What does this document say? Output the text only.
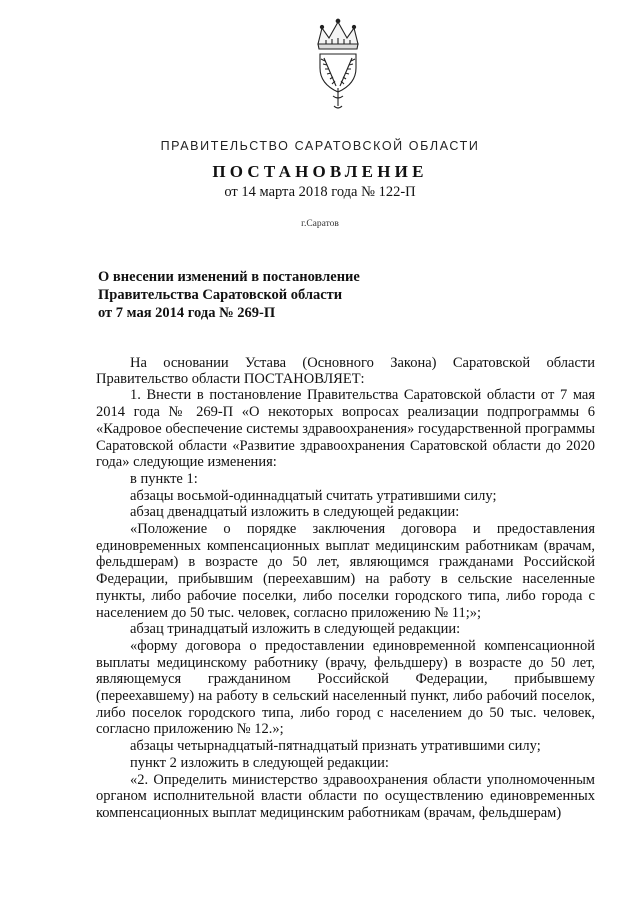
ПРАВИТЕЛЬСТВО САРАТОВСКОЙ ОБЛАСТИ
ПОСТАНОВЛЕНИЕ
от 14 марта 2018 года № 122-П
г.Саратов
О внесении изменений в постановление
Правительства Саратовской области
от 7 мая 2014 года № 269-П

На основании Устава (Основного Закона) Саратовской области Правительство области ПОСТАНОВЛЯЕТ:

1. Внести в постановление Правительства Саратовской области от 7 мая 2014 года № 269-П «О некоторых вопросах реализации подпрограммы 6 «Кадровое обеспечение системы здравоохранения» государственной программы Саратовской области «Развитие здравоохранения Саратовской области до 2020 года» следующие изменения:

в пункте 1:

абзацы восьмой-одиннадцатый считать утратившими силу;

абзац двенадцатый изложить в следующей редакции:

«Положение о порядке заключения договора и предоставления единовременных компенсационных выплат медицинским работникам (врачам, фельдшерам) в возрасте до 50 лет, являющимся гражданами Российской Федерации, прибывшим (переехавшим) на работу в сельские населенные пункты, либо рабочие поселки, либо поселки городского типа, либо города с населением до 50 тыс. человек, согласно приложению № 11;»;

абзац тринадцатый изложить в следующей редакции:

«форму договора о предоставлении единовременной компенсационной выплаты медицинскому работнику (врачу, фельдшеру) в возрасте до 50 лет, являющемуся гражданином Российской Федерации, прибывшему (переехавшему) на работу в сельский населенный пункт, либо рабочий поселок, либо поселок городского типа, либо город с населением до 50 тыс. человек, согласно приложению № 12.»;

абзацы четырнадцатый-пятнадцатый признать утратившими силу;

пункт 2 изложить в следующей редакции:

«2. Определить министерство здравоохранения области уполномоченным органом исполнительной власти области по осуществлению единовременных компенсационных выплат медицинским работникам (врачам, фельдшерам)
